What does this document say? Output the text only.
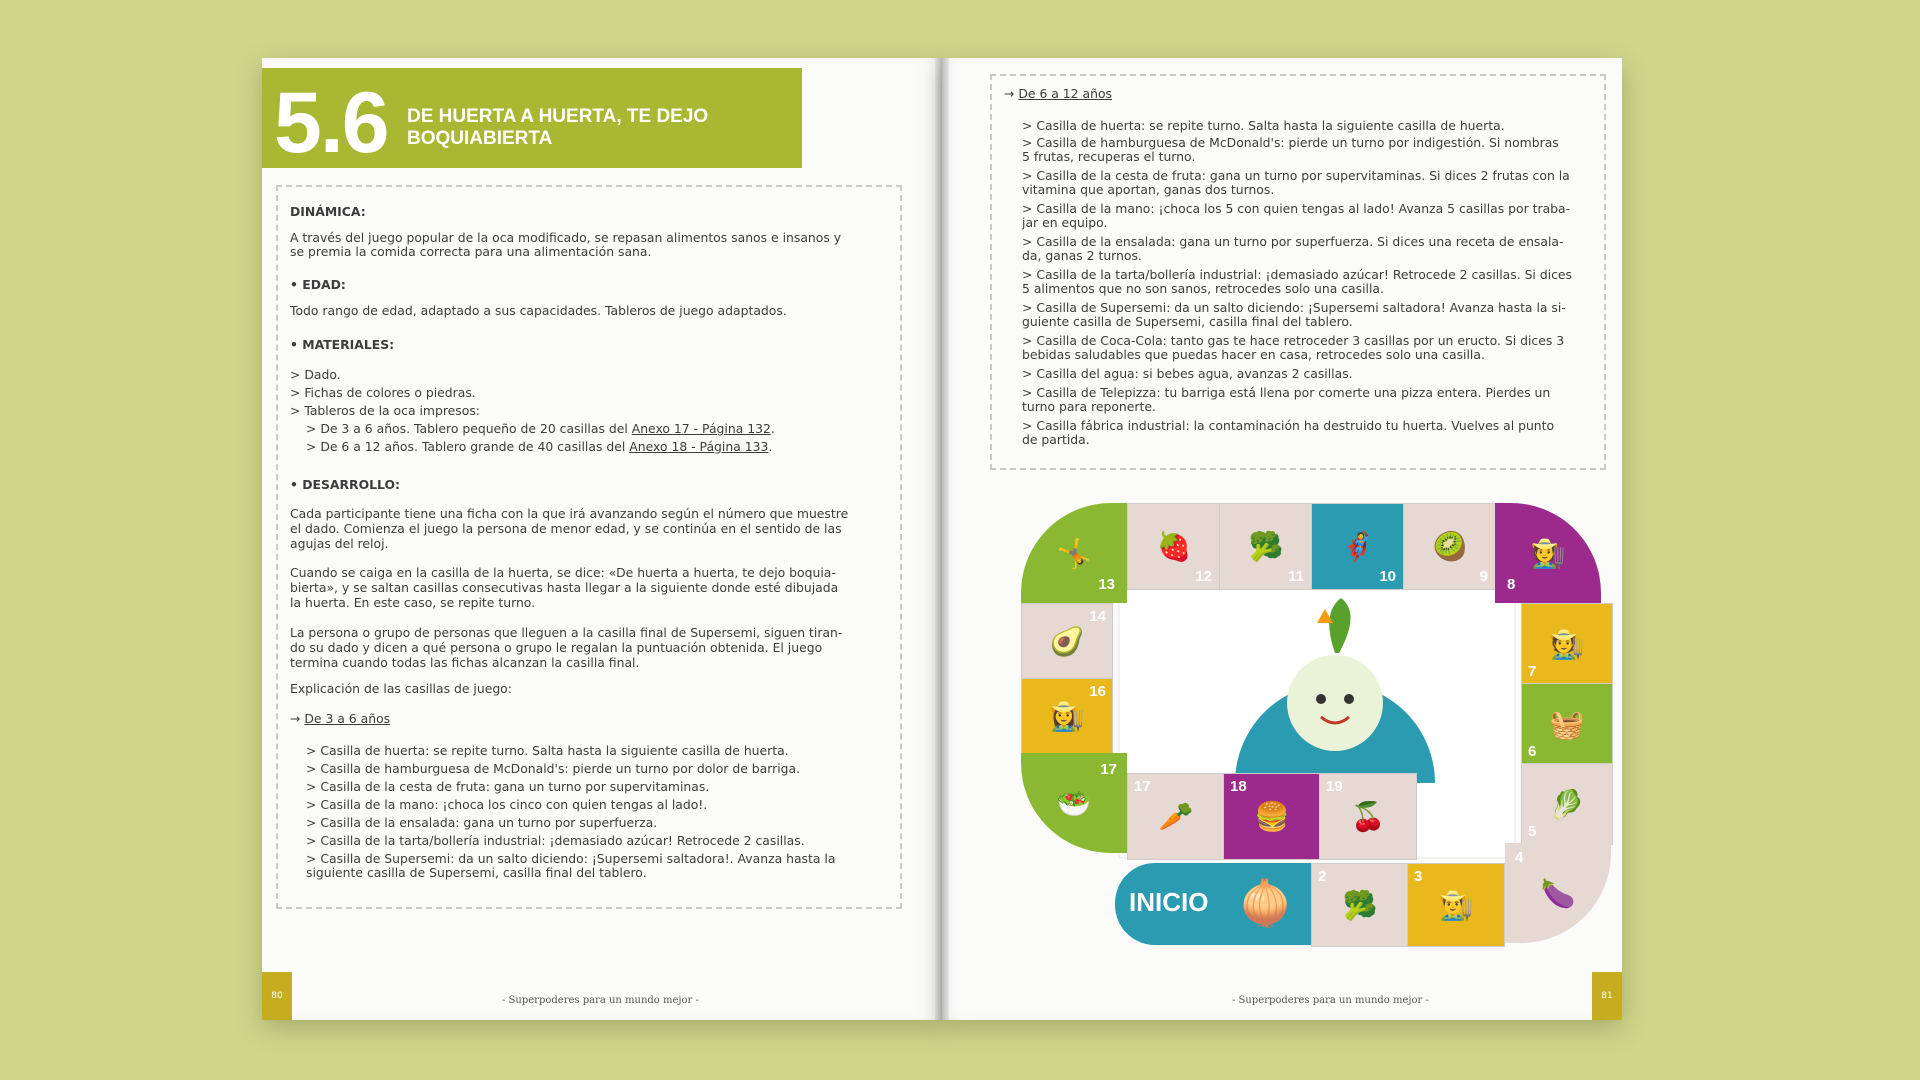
5.6 DE HUERTA A HUERTA, TE DEJO BOQUIABIERTA
DINÁMICA:
A través del juego popular de la oca modificado, se repasan alimentos sanos e insanos y
se premia la comida correcta para una alimentación sana.
• EDAD:
Todo rango de edad, adaptado a sus capacidades. Tableros de juego adaptados.
• MATERIALES:
> Dado.
> Fichas de colores o piedras.
> Tableros de la oca impresos:
> De 3 a 6 años. Tablero pequeño de 20 casillas del Anexo 17 - Página 132.
> De 6 a 12 años. Tablero grande de 40 casillas del Anexo 18 - Página 133.
• DESARROLLO:
Cada participante tiene una ficha con la que irá avanzando según el número que muestre
el dado. Comienza el juego la persona de menor edad, y se continúa en el sentido de las
agujas del reloj.
Cuando se caiga en la casilla de la huerta, se dice: «De huerta a huerta, te dejo boquia-
bierta», y se saltan casillas consecutivas hasta llegar a la siguiente donde esté dibujada
la huerta. En este caso, se repite turno.
La persona o grupo de personas que lleguen a la casilla final de Supersemi, siguen tiran-
do su dado y dicen a qué persona o grupo le regalan la puntuación obtenida. El juego
termina cuando todas las fichas alcanzan la casilla final.
Explicación de las casillas de juego:
→ De 3 a 6 años
> Casilla de huerta: se repite turno. Salta hasta la siguiente casilla de huerta.
> Casilla de hamburguesa de McDonald's: pierde un turno por dolor de barriga.
> Casilla de la cesta de fruta: gana un turno por supervitaminas.
> Casilla de la mano: ¡choca los cinco con quien tengas al lado!.
> Casilla de la ensalada: gana un turno por superfuerza.
> Casilla de la tarta/bollería industrial: ¡demasiado azúcar! Retrocede 2 casillas.
> Casilla de Supersemi: da un salto diciendo: ¡Supersemi saltadora!. Avanza hasta la
siguiente casilla de Supersemi, casilla final del tablero.
- Superpoderes para un mundo mejor -
80
→ De 6 a 12 años
> Casilla de huerta: se repite turno. Salta hasta la siguiente casilla de huerta.
> Casilla de hamburguesa de McDonald's: pierde un turno por indigestión. Si nombras
5 frutas, recuperas el turno.
> Casilla de la cesta de fruta: gana un turno por supervitaminas. Si dices 2 frutas con la
vitamina que aportan, ganas dos turnos.
> Casilla de la mano: ¡choca los 5 con quien tengas al lado! Avanza 5 casillas por traba-
jar en equipo.
> Casilla de la ensalada: gana un turno por superfuerza. Si dices una receta de ensala-
da, ganas 2 turnos.
> Casilla de la tarta/bollería industrial: ¡demasiado azúcar! Retrocede 2 casillas. Si dices
5 alimentos que no son sanos, retrocedes solo una casilla.
> Casilla de Supersemi: da un salto diciendo: ¡Supersemi saltadora! Avanza hasta la si-
guiente casilla de Supersemi, casilla final del tablero.
> Casilla de Coca-Cola: tanto gas te hace retroceder 3 casillas por un eructo. Si dices 3
bebidas saludables que puedas hacer en casa, retrocedes solo una casilla.
> Casilla del agua: si bebes agua, avanzas 2 casillas.
> Casilla de Telepizza: tu barriga está llena por comerte una pizza entera. Pierdes un
turno para reponerte.
> Casilla fábrica industrial: la contaminación ha destruido tu huerta. Vuelves al punto
de partida.
🤸
13
🍓
12
🥦
11
🦸
10
🥝
9
🧑‍🌾
8
🥑
14
👩‍🌾
16
🥗
17
🧑‍🌾
7
🧺
6
🥬
5
🍆
4
🥕
17
🍔
18
🍒
19
INICIO 🧅 🥦
2
👨‍🌾
3
- Superpoderes para un mundo mejor -	81
